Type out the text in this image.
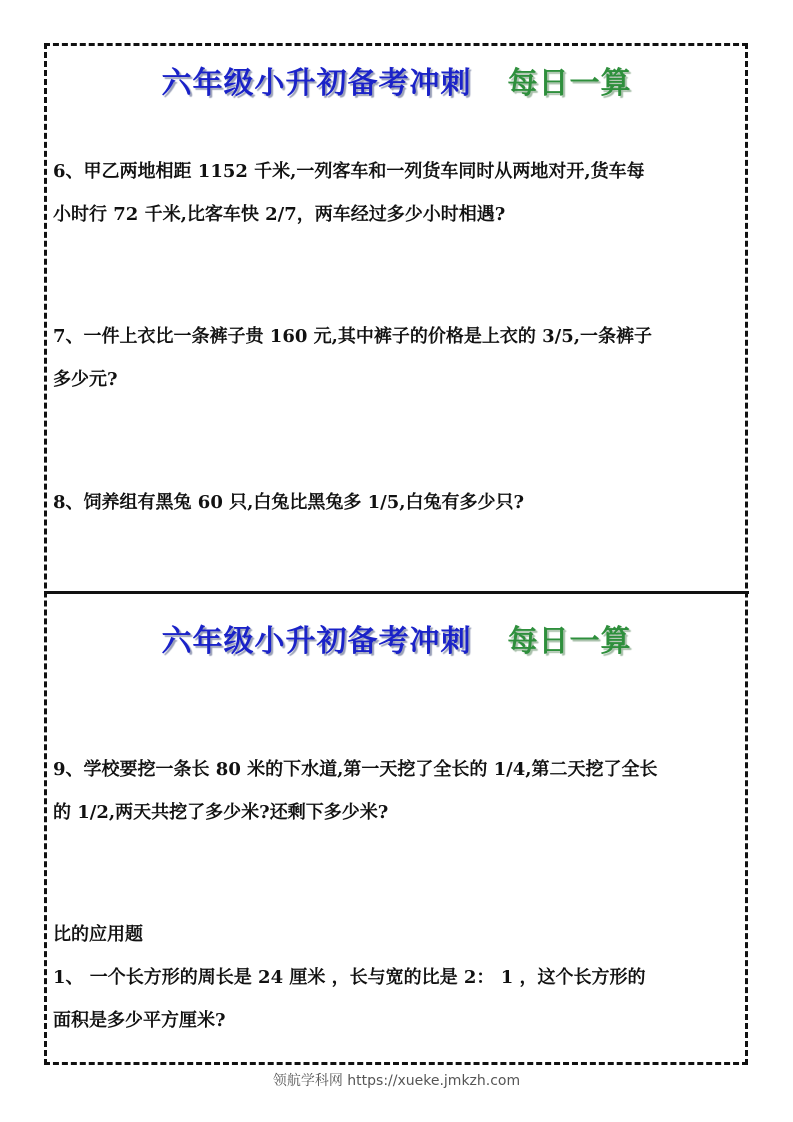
六年级小升初备考冲刺 每日一算
6、甲乙两地相距 1152 千米,一列客车和一列货车同时从两地对开,货车每
小时行 72 千米,比客车快 2/7，两车经过多少小时相遇?
7、一件上衣比一条裤子贵 160 元,其中裤子的价格是上衣的 3/5,一条裤子
多少元?
8、饲养组有黑兔 60 只,白兔比黑兔多 1/5,白兔有多少只?
六年级小升初备考冲刺 每日一算
9、学校要挖一条长 80 米的下水道,第一天挖了全长的 1/4,第二天挖了全长
的 1/2,两天共挖了多少米?还剩下多少米?
比的应用题
1、 一个长方形的周长是 24 厘米 ，长与宽的比是 2： 1 ，这个长方形的
面积是多少平方厘米?
领航学科网 https://xueke.jmkzh.com
